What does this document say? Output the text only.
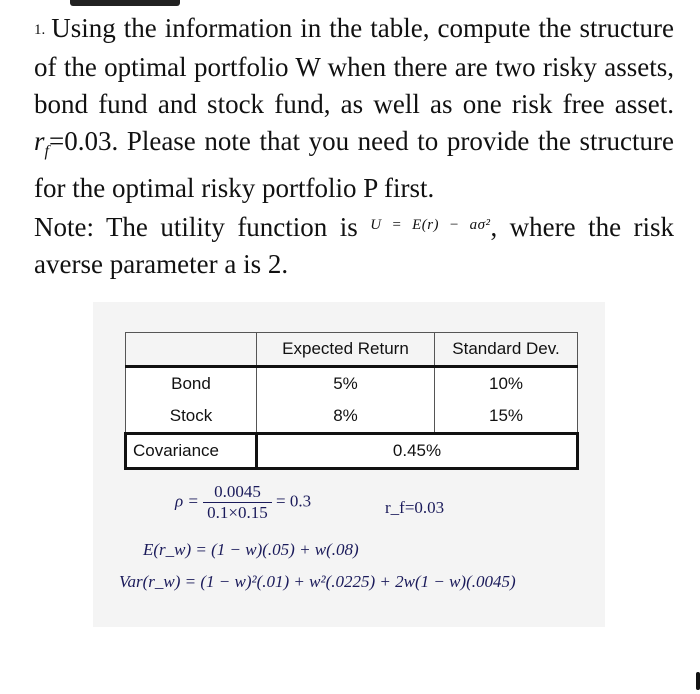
1. Using the information in the table, compute the structure of the optimal portfolio W when there are two risky assets, bond fund and stock fund, as well as one risk free asset. $r_f=0.03$. Please note that you need to provide the structure for the optimal risky portfolio P first.
Note: The utility function is $^{U = E(r) - a\sigma^2}$, where the risk averse parameter a is 2.
	Expected Return	Standard Dev.
Bond	5%	10%
Stock	8%	15%
Covariance	0.45%	
$\rho = \frac{0.0045}{0.1\times 0.15} = 0.3$	r_f=0.03
E(r_w) = (1 − w)(.05) + w(.08)
Var(r_w) = (1 − w)²(.01) + w²(.0225) + 2w(1 − w)(.0045)
